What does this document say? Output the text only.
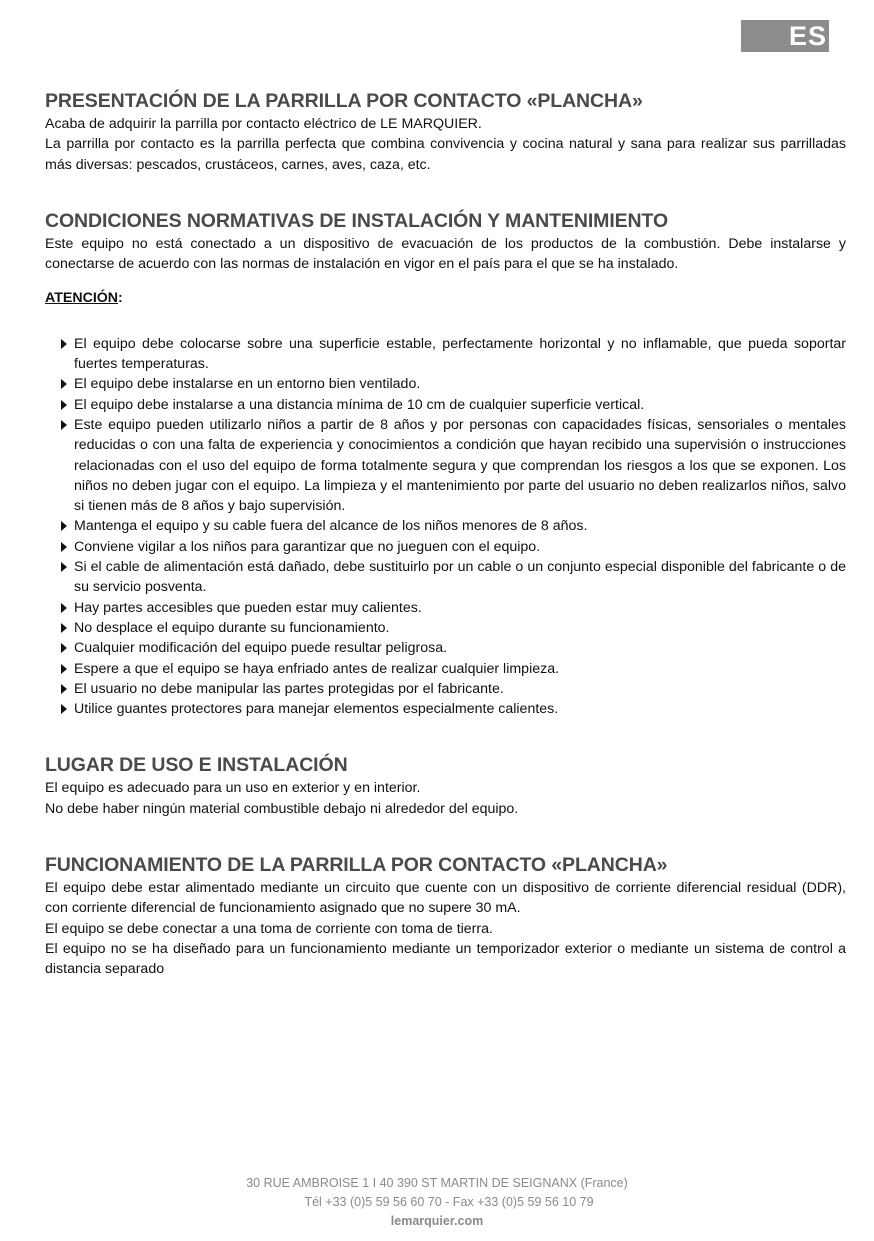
ES
PRESENTACIÓN DE LA PARRILLA POR CONTACTO «PLANCHA»

Acaba de adquirir la parrilla por contacto eléctrico de LE MARQUIER.

La parrilla por contacto es la parrilla perfecta que combina convivencia y cocina natural y sana para realizar sus parrilladas más diversas: pescados, crustáceos, carnes, aves, caza, etc.

CONDICIONES NORMATIVAS DE INSTALACIÓN Y MANTENIMIENTO

Este equipo no está conectado a un dispositivo de evacuación de los productos de la combustión. Debe instalarse y conectarse de acuerdo con las normas de instalación en vigor en el país para el que se ha instalado.

ATENCIÓN:

El equipo debe colocarse sobre una superficie estable, perfectamente horizontal y no inflamable, que pueda soportar fuertes temperaturas.
El equipo debe instalarse en un entorno bien ventilado.
El equipo debe instalarse a una distancia mínima de 10 cm de cualquier superficie vertical.
Este equipo pueden utilizarlo niños a partir de 8 años y por personas con capacidades físicas, sensoriales o mentales reducidas o con una falta de experiencia y conocimientos a condición que hayan recibido una supervisión o instrucciones relacionadas con el uso del equipo de forma totalmente segura y que comprendan los riesgos a los que se exponen. Los niños no deben jugar con el equipo. La limpieza y el mantenimiento por parte del usuario no deben realizarlos niños, salvo si tienen más de 8 años y bajo supervisión.
Mantenga el equipo y su cable fuera del alcance de los niños menores de 8 años.
Conviene vigilar a los niños para garantizar que no jueguen con el equipo.
Si el cable de alimentación está dañado, debe sustituirlo por un cable o un conjunto especial disponible del fabricante o de su servicio posventa.
Hay partes accesibles que pueden estar muy calientes.
No desplace el equipo durante su funcionamiento.
Cualquier modificación del equipo puede resultar peligrosa.
Espere a que el equipo se haya enfriado antes de realizar cualquier limpieza.
El usuario no debe manipular las partes protegidas por el fabricante.
Utilice guantes protectores para manejar elementos especialmente calientes.
LUGAR DE USO E INSTALACIÓN

El equipo es adecuado para un uso en exterior y en interior.

No debe haber ningún material combustible debajo ni alrededor del equipo.

FUNCIONAMIENTO DE LA PARRILLA POR CONTACTO «PLANCHA»

El equipo debe estar alimentado mediante un circuito que cuente con un dispositivo de corriente diferencial residual (DDR), con corriente diferencial de funcionamiento asignado que no supere 30 mA.

El equipo se debe conectar a una toma de corriente con toma de tierra.

El equipo no se ha diseñado para un funcionamiento mediante un temporizador exterior o mediante un sistema de control a distancia separado

30 RUE AMBROISE 1 I 40 390 ST MARTIN DE SEIGNANX (France)
Tél +33 (0)5 59 56 60 70 - Fax +33 (0)5 59 56 10 79
lemarquier.com
